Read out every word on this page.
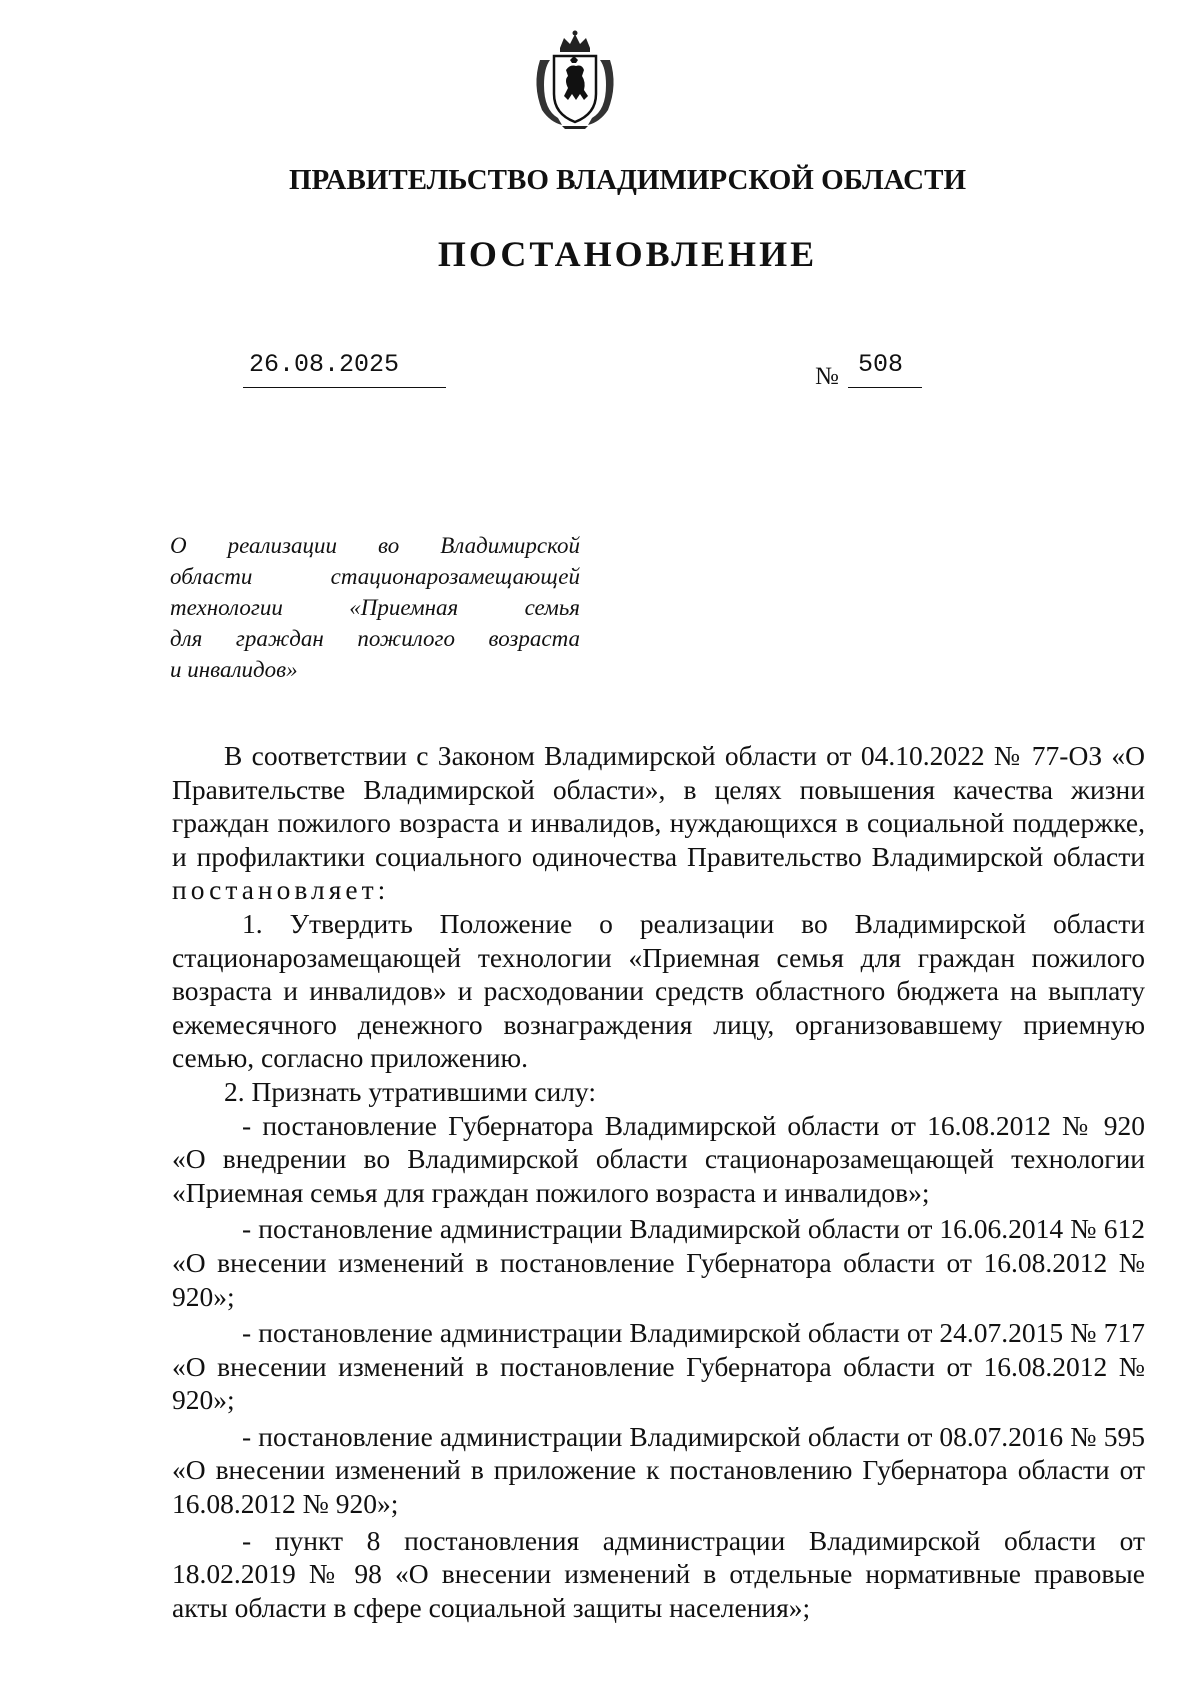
ПРАВИТЕЛЬСТВО ВЛАДИМИРСКОЙ ОБЛАСТИ
ПОСТАНОВЛЕНИЕ
26.08.2025	№ 508
О реализации во Владимирской
области стационарозамещающей
технологии «Приемная семья
для граждан пожилого возраста
и инвалидов»

В соответствии с Законом Владимирской области от 04.10.2022 № 77-ОЗ «О Правительстве Владимирской области», в целях повышения качества жизни граждан пожилого возраста и инвалидов, нуждающихся в социальной поддержке, и профилактики социального одиночества Правительство Владимирской области постановляет:

1. Утвердить Положение о реализации во Владимирской области стационарозамещающей технологии «Приемная семья для граждан пожилого возраста и инвалидов» и расходовании средств областного бюджета на выплату ежемесячного денежного вознаграждения лицу, организовавшему приемную семью, согласно приложению.

2. Признать утратившими силу:

- постановление Губернатора Владимирской области от 16.08.2012 № 920 «О внедрении во Владимирской области стационарозамещающей технологии «Приемная семья для граждан пожилого возраста и инвалидов»;

- постановление администрации Владимирской области от 16.06.2014 № 612 «О внесении изменений в постановление Губернатора области от 16.08.2012 № 920»;

- постановление администрации Владимирской области от 24.07.2015 № 717 «О внесении изменений в постановление Губернатора области от 16.08.2012 № 920»;

- постановление администрации Владимирской области от 08.07.2016 № 595 «О внесении изменений в приложение к постановлению Губернатора области от 16.08.2012 № 920»;

- пункт 8 постановления администрации Владимирской области от 18.02.2019 № 98 «О внесении изменений в отдельные нормативные правовые акты области в сфере социальной защиты населения»;
